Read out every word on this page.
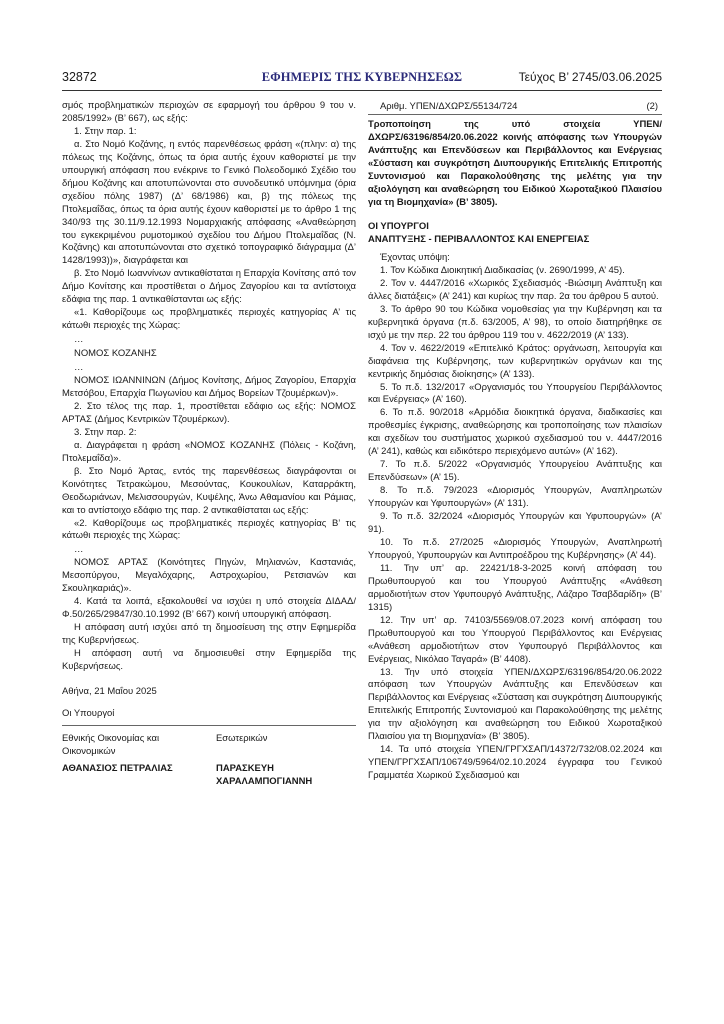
32872	ΕΦΗΜΕΡΙΣ ΤΗΣ ΚΥΒΕΡΝΗΣΕΩΣ	Τεύχος B’ 2745/03.06.2025

σμός προβληματικών περιοχών σε εφαρμογή του άρθρου 9 του ν. 2085/1992» (Β’ 667), ως εξής:

1. Στην παρ. 1:

α. Στο Νομό Κοζάνης, η εντός παρενθέσεως φράση «(πλην: α) της πόλεως της Κοζάνης, όπως τα όρια αυτής έχουν καθοριστεί με την υπουργική απόφαση που ενέκρινε το Γενικό Πολεοδομικό Σχέδιο του δήμου Κοζάνης και αποτυπώνονται στο συνοδευτικό υπόμνημα (όρια σχεδίου πόλης 1987) (Δ’ 68/1986) και, β) της πόλεως της Πτολεμαΐδας, όπως τα όρια αυτής έχουν καθοριστεί με το άρθρο 1 της 340/93 της 30.11/9.12.1993 Νομαρχιακής απόφασης «Αναθεώρηση του εγκεκριμένου ρυμοτομικού σχεδίου του Δήμου Πτολεμαΐδας (Ν. Κοζάνης) και αποτυπώνονται στο σχετικό τοπογραφικό διάγραμμα (Δ’ 1428/1993))», διαγράφεται και

β. Στο Νομό Ιωαννίνων αντικαθίσταται η Επαρχία Κονίτσης από τον Δήμο Κονίτσης και προστίθεται ο Δήμος Ζαγορίου και τα αντίστοιχα εδάφια της παρ. 1 αντικαθίστανται ως εξής:

«1. Καθορίζουμε ως προβληματικές περιοχές κατηγορίας Α’ τις κάτωθι περιοχές της Χώρας:

…

ΝΟΜΟΣ ΚΟΖΑΝΗΣ

…

ΝΟΜΟΣ ΙΩΑΝΝΙΝΩΝ (Δήμος Κονίτσης, Δήμος Ζαγορίου, Επαρχία Μετσόβου, Επαρχία Πωγωνίου και Δήμος Βορείων Τζουμέρκων)».

2. Στο τέλος της παρ. 1, προστίθεται εδάφιο ως εξής: ΝΟΜΟΣ ΑΡΤΑΣ (Δήμος Κεντρικών Τζουμέρκων).

3. Στην παρ. 2:

α. Διαγράφεται η φράση «ΝΟΜΟΣ ΚΟΖΑΝΗΣ (Πόλεις - Κοζάνη, Πτολεμαΐδα)».

β. Στο Νομό Άρτας, εντός της παρενθέσεως διαγράφονται οι Κοινότητες Τετρακώμου, Μεσούντας, Κουκουλίων, Καταρράκτη, Θεοδωριάνων, Μελισσουργών, Κυψέλης, Άνω Αθαμανίου και Ράμιας, και το αντίστοιχο εδάφιο της παρ. 2 αντικαθίσταται ως εξής:

«2. Καθορίζουμε ως προβληματικές περιοχές κατηγορίας Β’ τις κάτωθι περιοχές της Χώρας:

…

ΝΟΜΟΣ ΑΡΤΑΣ (Κοινότητες Πηγών, Μηλιανών, Καστανιάς, Μεσοπύργου, Μεγαλόχαρης, Αστροχωρίου, Ρετσιανών και Σκουληκαριάς)».

4. Κατά τα λοιπά, εξακολουθεί να ισχύει η υπό στοιχεία ΔΙΔΑΔ/Φ.50/265/29847/30.10.1992 (Β’ 667) κοινή υπουργική απόφαση.

Η απόφαση αυτή ισχύει από τη δημοσίευση της στην Εφημερίδα της Κυβερνήσεως.

Η απόφαση αυτή να δημοσιευθεί στην Εφημερίδα της Κυβερνήσεως.

Αθήνα, 21 Μαΐου 2025

Οι Υπουργοί

Εθνικής Οικονομίας και Οικονομικών
ΑΘΑΝΑΣΙΟΣ ΠΕΤΡΑΛΙΑΣ
Εσωτερικών
ΠΑΡΑΣΚΕΥΗ ΧΑΡΑΛΑΜΠΟΓΙΑΝΝΗ
Αριθμ. ΥΠΕΝ/ΔΧΩΡΣ/55134/724	(2)

Τροποποίηση της υπό στοιχεία ΥΠΕΝ/ΔΧΩΡΣ/63196/854/20.06.2022 κοινής απόφασης των Υπουργών Ανάπτυξης και Επενδύσεων και Περιβάλλοντος και Ενέργειας «Σύσταση και συγκρότηση Διυπουργικής Επιτελικής Επιτροπής Συντονισμού και Παρακολούθησης της μελέτης για την αξιολόγηση και αναθεώρηση του Ειδικού Χωροταξικού Πλαισίου για τη Βιομηχανία» (Β’ 3805).

ΟΙ ΥΠΟΥΡΓΟΙ

ΑΝΑΠΤΥΞΗΣ - ΠΕΡΙΒΑΛΛΟΝΤΟΣ ΚΑΙ ΕΝΕΡΓΕΙΑΣ

Έχοντας υπόψη:

1. Τον Κώδικα Διοικητική Διαδικασίας (ν. 2690/1999, Α’ 45).

2. Τον ν. 4447/2016 «Χωρικός Σχεδιασμός -Βιώσιμη Ανάπτυξη και άλλες διατάξεις» (Α’ 241) και κυρίως την παρ. 2α του άρθρου 5 αυτού.

3. Το άρθρο 90 του Κώδικα νομοθεσίας για την Κυβέρνηση και τα κυβερνητικά όργανα (π.δ. 63/2005, Α’ 98), το οποίο διατηρήθηκε σε ισχύ με την περ. 22 του άρθρου 119 του ν. 4622/2019 (Α’ 133).

4. Τον ν. 4622/2019 «Επιτελικό Κράτος: οργάνωση, λειτουργία και διαφάνεια της Κυβέρνησης, των κυβερνητικών οργάνων και της κεντρικής δημόσιας διοίκησης» (Α’ 133).

5. Το π.δ. 132/2017 «Οργανισμός του Υπουργείου Περιβάλλοντος και Ενέργειας» (Α’ 160).

6. Το π.δ. 90/2018 «Αρμόδια διοικητικά όργανα, διαδικασίες και προθεσμίες έγκρισης, αναθεώρησης και τροποποίησης των πλαισίων και σχεδίων του συστήματος χωρικού σχεδιασμού του ν. 4447/2016 (Α’ 241), καθώς και ειδικότερο περιεχόμενο αυτών» (Α’ 162).

7. Το π.δ. 5/2022 «Οργανισμός Υπουργείου Ανάπτυξης και Επενδύσεων» (Α’ 15).

8. Το π.δ. 79/2023 «Διορισμός Υπουργών, Αναπληρωτών Υπουργών και Υφυπουργών» (Α’ 131).

9. Το π.δ. 32/2024 «Διορισμός Υπουργών και Υφυπουργών» (Α’ 91).

10. Το π.δ. 27/2025 «Διορισμός Υπουργών, Αναπληρωτή Υπουργού, Υφυπουργών και Αντιπροέδρου της Κυβέρνησης» (Α’ 44).

11. Την υπ’ αρ. 22421/18-3-2025 κοινή απόφαση του Πρωθυπουργού και του Υπουργού Ανάπτυξης «Ανάθεση αρμοδιοτήτων στον Υφυπουργό Ανάπτυξης, Λάζαρο Τσαβδαρίδη» (Β’ 1315)

12. Την υπ’ αρ. 74103/5569/08.07.2023 κοινή απόφαση του Πρωθυπουργού και του Υπουργού Περιβάλλοντος και Ενέργειας «Ανάθεση αρμοδιοτήτων στον Υφυπουργό Περιβάλλοντος και Ενέργειας, Νικόλαο Ταγαρά» (Β’ 4408).

13. Την υπό στοιχεία ΥΠΕΝ/ΔΧΩΡΣ/63196/854/20.06.2022 απόφαση των Υπουργών Ανάπτυξης και Επενδύσεων και Περιβάλλοντος και Ενέργειας «Σύσταση και συγκρότηση Διυπουργικής Επιτελικής Επιτροπής Συντονισμού και Παρακολούθησης της μελέτης για την αξιολόγηση και αναθεώρηση του Ειδικού Χωροταξικού Πλαισίου για τη Βιομηχανία» (Β’ 3805).

14. Τα υπό στοιχεία ΥΠΕΝ/ΓΡΓΧΣΑΠ/14372/732/08.02.2024 και ΥΠΕΝ/ΓΡΓΧΣΑΠ/106749/5964/02.10.2024 έγγραφα του Γενικού Γραμματέα Χωρικού Σχεδιασμού και
